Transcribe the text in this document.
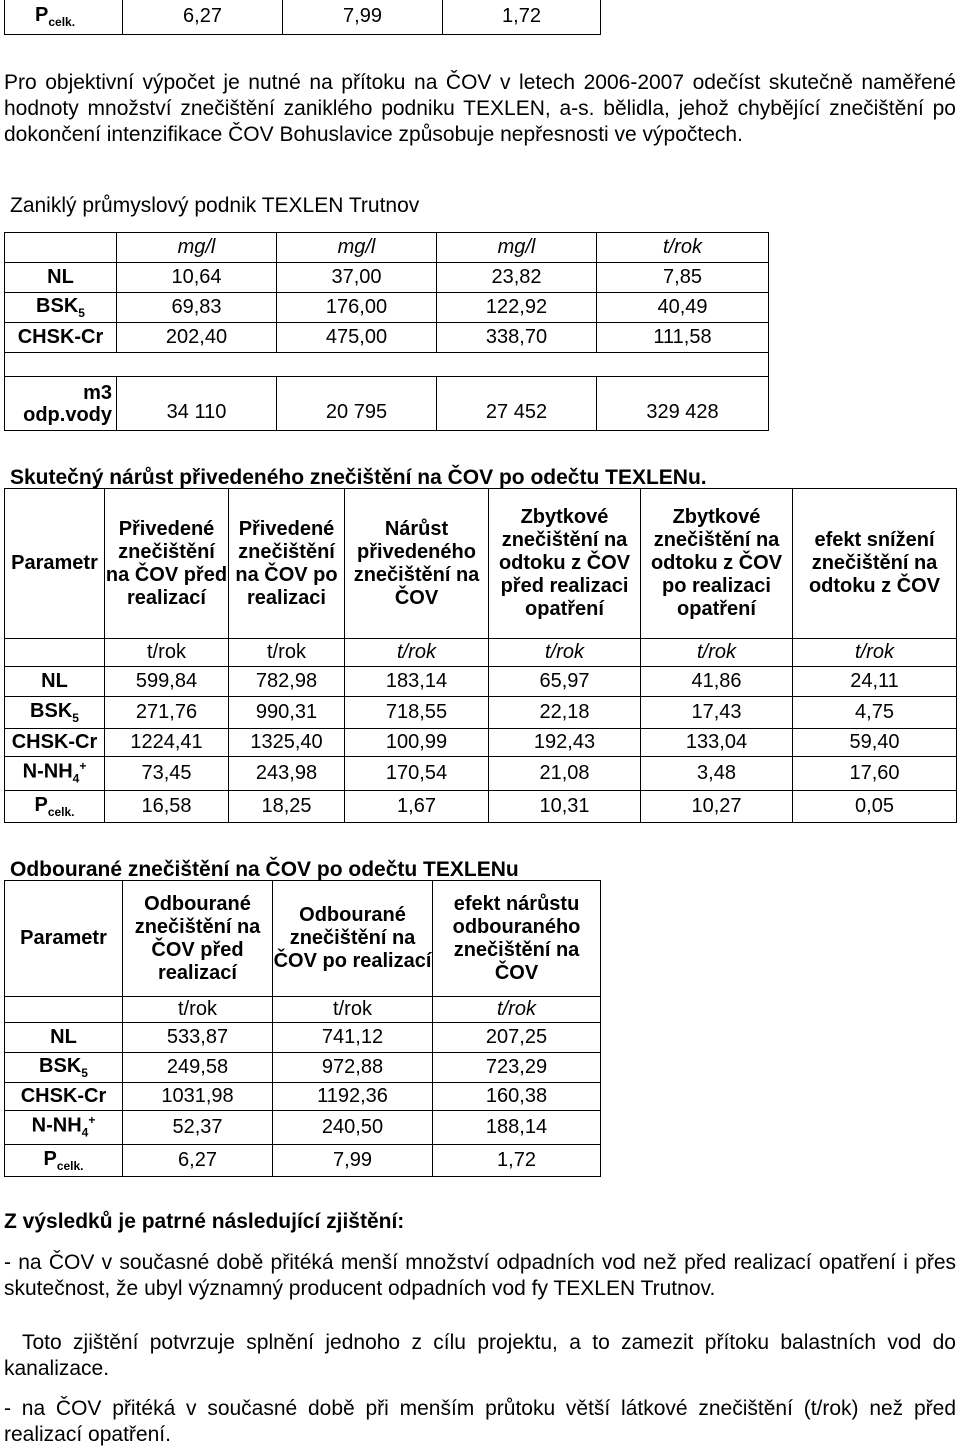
$P_{celk.}$	6,27	7,99	1,72
Pro objektivní výpočet je nutné na přítoku na ČOV v letech 2006-2007 odečíst skutečně naměřené hodnoty množství znečištění zaniklého podniku TEXLEN, a-s. bělidla, jehož chybějící znečištění po dokončení intenzifikace ČOV Bohuslavice způsobuje nepřesnosti ve výpočtech.
Zaniklý průmyslový podnik TEXLEN Trutnov
	mg/l	mg/l	mg/l	t/rok
NL	10,64	37,00	23,82	7,85
$BSK_5$	69,83	176,00	122,92	40,49
CHSK-Cr	202,40	475,00	338,70	111,58

m3
odp.vody	34 110	20 795	27 452	329 428
Skutečný nárůst přivedeného znečištění na ČOV po odečtu TEXLENu.
Parametr	Přivedené znečištění na ČOV před realizací	Přivedené znečištění na ČOV po realizaci	Nárůst přivedeného znečištění na ČOV	Zbytkové znečištění na odtoku z ČOV před realizaci opatření	Zbytkové znečištění na odtoku z ČOV po realizaci opatření	efekt snížení znečištění na odtoku z ČOV
	t/rok	t/rok	t/rok	t/rok	t/rok	t/rok
NL	599,84	782,98	183,14	65,97	41,86	24,11
$BSK_5$	271,76	990,31	718,55	22,18	17,43	4,75
CHSK-Cr	1224,41	1325,40	100,99	192,43	133,04	59,40
$N-NH_4^+$	73,45	243,98	170,54	21,08	3,48	17,60
$P_{celk.}$	16,58	18,25	1,67	10,31	10,27	0,05
Odbourané znečištění na ČOV po odečtu TEXLENu
Parametr	Odbourané znečištění na ČOV před realizací	Odbourané znečištění na ČOV po realizací	efekt nárůstu odbouraného znečištění na ČOV
	t/rok	t/rok	t/rok
NL	533,87	741,12	207,25
$BSK_5$	249,58	972,88	723,29
CHSK-Cr	1031,98	1192,36	160,38
$N-NH_4^+$	52,37	240,50	188,14
$P_{celk.}$	6,27	7,99	1,72
Z výsledků je patrné následující zjištění:
- na ČOV v současné době přitéká menší množství odpadních vod než před realizací opatření i přes skutečnost, že ubyl významný producent odpadních vod fy TEXLEN Trutnov.
Toto zjištění potvrzuje splnění jednoho z cílu projektu, a to zamezit přítoku balastních vod do kanalizace.
- na ČOV přitéká v současné době při menším průtoku větší látkové znečištění (t/rok) než před realizací opatření.
